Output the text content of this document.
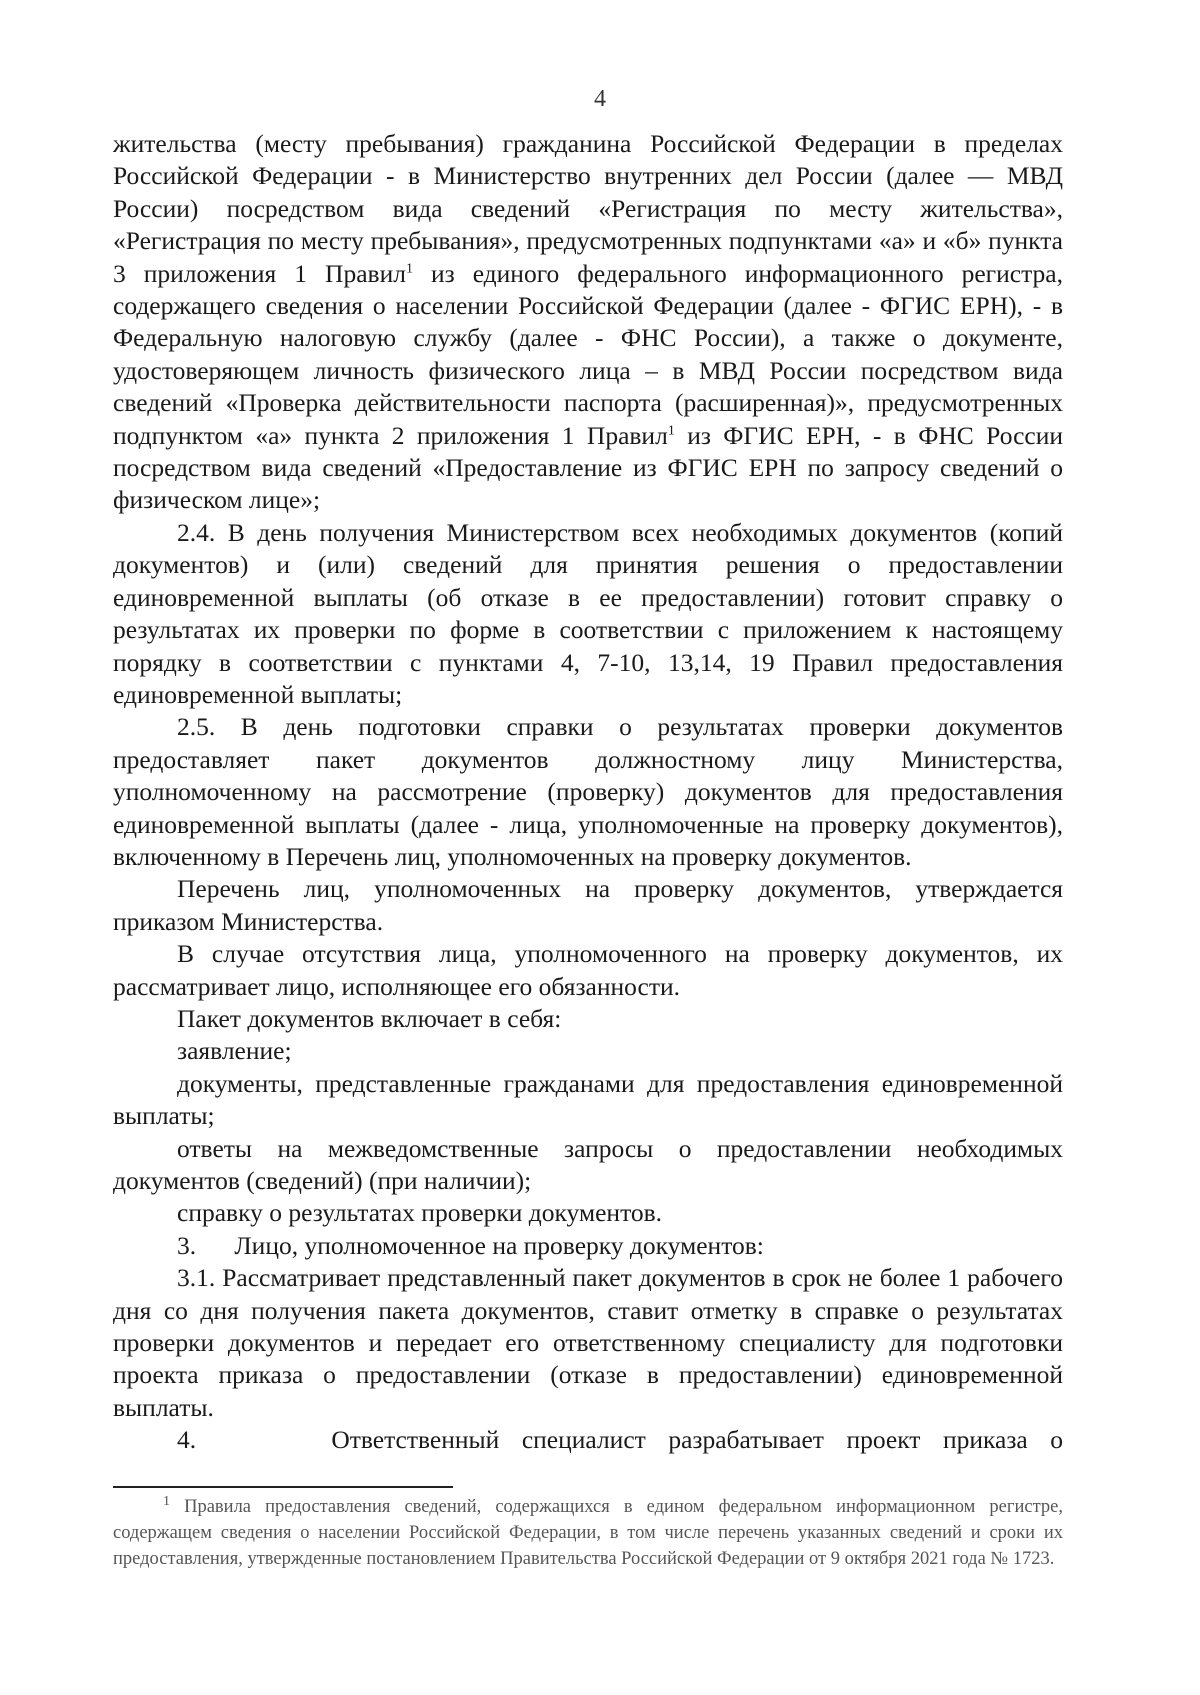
4

жительства (месту пребывания) гражданина Российской Федерации в пределах Российской Федерации - в Министерство внутренних дел России (далее — МВД России) посредством вида сведений «Регистрация по месту жительства», «Регистрация по месту пребывания», предусмотренных подпунктами «а» и «б» пункта 3 приложения 1 Правил$^1$ из единого федерального информационного регистра, содержащего сведения о населении Российской Федерации (далее - ФГИС ЕРН), - в Федеральную налоговую службу (далее - ФНС России), а также о документе, удостоверяющем личность физического лица – в МВД России посредством вида сведений «Проверка действительности паспорта (расширенная)», предусмотренных подпунктом «а» пункта 2 приложения 1 Правил$^1$ из ФГИС ЕРН, - в ФНС России посредством вида сведений «Предоставление из ФГИС ЕРН по запросу сведений о физическом лице»;

2.4. В день получения Министерством всех необходимых документов (копий документов) и (или) сведений для принятия решения о предоставлении единовременной выплаты (об отказе в ее предоставлении) готовит справку о результатах их проверки по форме в соответствии с приложением к настоящему порядку в соответствии с пунктами 4, 7-10, 13,14, 19 Правил предоставления единовременной выплаты;

2.5. В день подготовки справки о результатах проверки документов предоставляет пакет документов должностному лицу Министерства, уполномоченному на рассмотрение (проверку) документов для предоставления единовременной выплаты (далее - лица, уполномоченные на проверку документов), включенному в Перечень лиц, уполномоченных на проверку документов.

Перечень лиц, уполномоченных на проверку документов, утверждается приказом Министерства.

В случае отсутствия лица, уполномоченного на проверку документов, их рассматривает лицо, исполняющее его обязанности.

Пакет документов включает в себя:

заявление;

документы, представленные гражданами для предоставления единовременной выплаты;

ответы на межведомственные запросы о предоставлении необходимых документов (сведений) (при наличии);

справку о результатах проверки документов.

3.      Лицо, уполномоченное на проверку документов:

3.1. Рассматривает представленный пакет документов в срок не более 1 рабочего дня со дня получения пакета документов, ставит отметку в справке о результатах проверки документов и передает его ответственному специалисту для подготовки проекта приказа о предоставлении (отказе в предоставлении) единовременной выплаты.

4.      Ответственный специалист разрабатывает проект приказа о

$^1$ Правила предоставления сведений, содержащихся в едином федеральном информационном регистре, содержащем сведения о населении Российской Федерации, в том числе перечень указанных сведений и сроки их предоставления, утвержденные постановлением Правительства Российской Федерации от 9 октября 2021 года № 1723.
